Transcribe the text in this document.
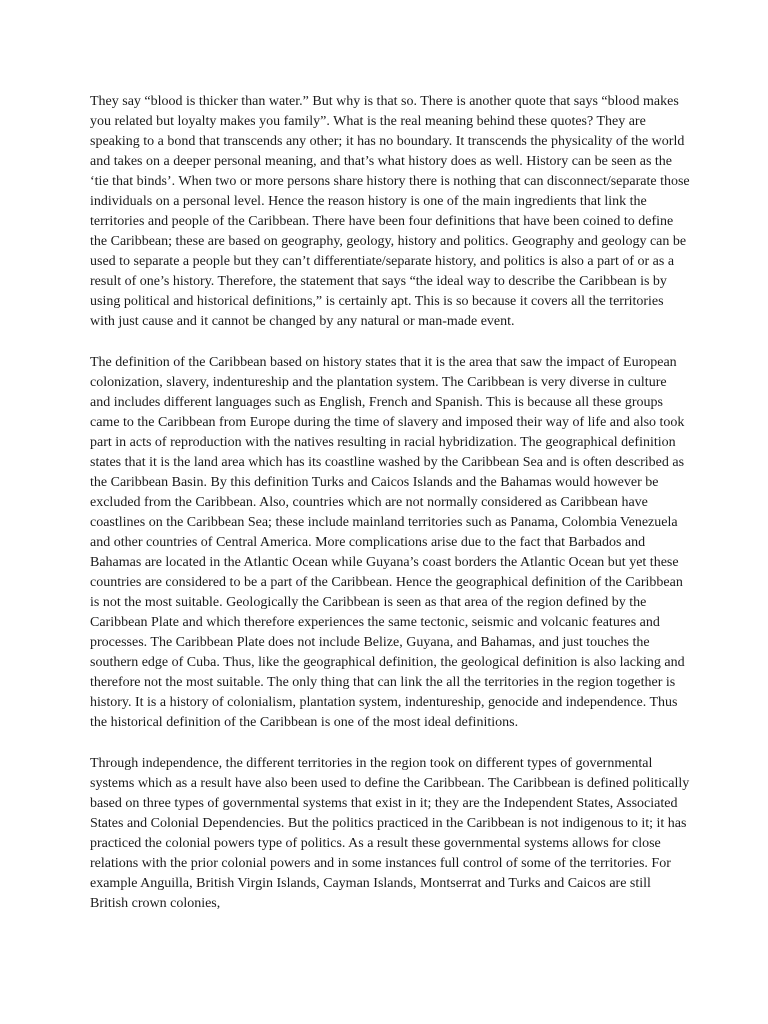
They say “blood is thicker than water.” But why is that so. There is another quote that says “blood makes you related but loyalty makes you family”. What is the real meaning behind these quotes? They are speaking to a bond that transcends any other; it has no boundary. It transcends the physicality of the world and takes on a deeper personal meaning, and that’s what history does as well. History can be seen as the ‘tie that binds’. When two or more persons share history there is nothing that can disconnect/separate those individuals on a personal level. Hence the reason history is one of the main ingredients that link the territories and people of the Caribbean. There have been four definitions that have been coined to define the Caribbean; these are based on geography, geology, history and politics. Geography and geology can be used to separate a people but they can’t differentiate/separate history, and politics is also a part of or as a result of one’s history. Therefore, the statement that says “the ideal way to describe the Caribbean is by using political and historical definitions,” is certainly apt. This is so because it covers all the territories with just cause and it cannot be changed by any natural or man-made event.

The definition of the Caribbean based on history states that it is the area that saw the impact of European colonization, slavery, indentureship and the plantation system. The Caribbean is very diverse in culture and includes different languages such as English, French and Spanish. This is because all these groups came to the Caribbean from Europe during the time of slavery and imposed their way of life and also took part in acts of reproduction with the natives resulting in racial hybridization. The geographical definition states that it is the land area which has its coastline washed by the Caribbean Sea and is often described as the Caribbean Basin. By this definition Turks and Caicos Islands and the Bahamas would however be excluded from the Caribbean. Also, countries which are not normally considered as Caribbean have coastlines on the Caribbean Sea; these include mainland territories such as Panama, Colombia Venezuela and other countries of Central America. More complications arise due to the fact that Barbados and Bahamas are located in the Atlantic Ocean while Guyana’s coast borders the Atlantic Ocean but yet these countries are considered to be a part of the Caribbean. Hence the geographical definition of the Caribbean is not the most suitable. Geologically the Caribbean is seen as that area of the region defined by the Caribbean Plate and which therefore experiences the same tectonic, seismic and volcanic features and processes. The Caribbean Plate does not include Belize, Guyana, and Bahamas, and just touches the southern edge of Cuba. Thus, like the geographical definition, the geological definition is also lacking and therefore not the most suitable. The only thing that can link the all the territories in the region together is history. It is a history of colonialism, plantation system, indentureship, genocide and independence. Thus the historical definition of the Caribbean is one of the most ideal definitions.

Through independence, the different territories in the region took on different types of governmental systems which as a result have also been used to define the Caribbean. The Caribbean is defined politically based on three types of governmental systems that exist in it; they are the Independent States, Associated States and Colonial Dependencies. But the politics practiced in the Caribbean is not indigenous to it; it has practiced the colonial powers type of politics. As a result these governmental systems allows for close relations with the prior colonial powers and in some instances full control of some of the territories. For example Anguilla, British Virgin Islands, Cayman Islands, Montserrat and Turks and Caicos are still British crown colonies,
